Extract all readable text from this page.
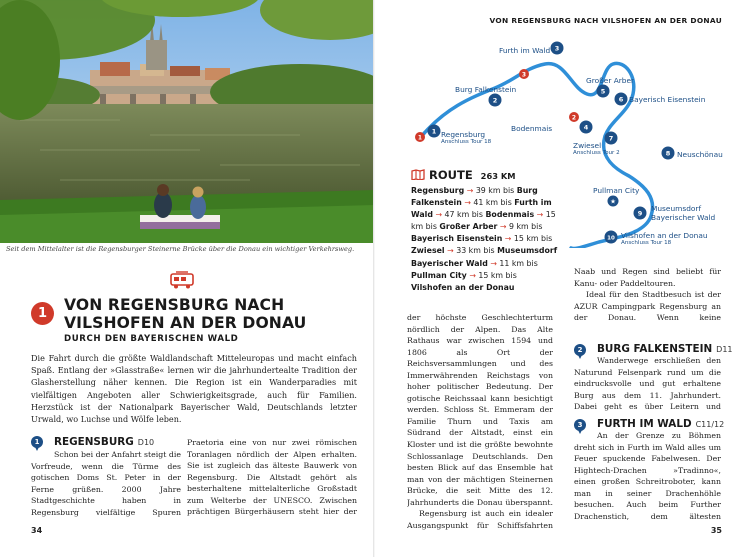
Seit dem Mittelalter ist die Regensburger Steinerne Brücke über die Donau ein wichtiger Verkehrsweg.
1	VON REGENSBURG NACH
VILSHOFEN AN DER DONAU
DURCH DEN BAYERISCHEN WALD
Die Fahrt durch die größte Waldlandschaft Mitteleuropas und macht einfach Spaß. Entlang der »Glasstraße« lernen wir die jahrhundertealte Tradition der Glasherstellung näher kennen. Die Region ist ein Wanderparadies mit vielfältigen Angeboten aller Schwierigkeitsgrade, auch für Familien. Herzstück ist der Nationalpark Bayerischer Wald, Deutschlands letzter Urwald, wo Luchse und Wölfe leben.
1	REGENSBURG D10
Schon bei der Anfahrt steigt die Vorfreude, wenn die Türme des gotischen Doms St. Peter in der Ferne grüßen. 2000 Jahre Stadtgeschichte haben in Regensburg vielfältige Spuren
Praetoria eine von nur zwei römischen Toranlagen nördlich der Alpen erhalten. Sie ist zugleich das älteste Bauwerk von Regensburg. Die Altstadt gehört als besterhaltene mittelalterliche Großstadt zum Welterbe der UNESCO. Zwischen prächtigen Bürgerhäusern steht hier der
34
VON REGENSBURG NACH VILSHOFEN AN DER DONAU
1
3
2
1
2
3
4
5
6
7
8
9
10
★
Regensburg
Anschluss Tour 18
Burg Falkenstein
Furth im Wald
Bodenmais
Großer Arber
Bayerisch Eisenstein
Zwiesel
Anschluss Tour 2	Neuschönau
Pullman City
Museumsdorf
Bayerischer Wald
Vilshofen an der Donau
Anschluss Tour 18
ROUTE 263 KM
Regensburg → 39 km bis Burg Falkenstein → 41 km bis Furth im Wald → 47 km bis Bodenmais → 15 km bis Großer Arber → 9 km bis Bayerisch Eisenstein → 15 km bis Zwiesel → 33 km bis Museumsdorf Bayerischer Wald → 11 km bis Pullman City → 15 km bis Vilshofen an der Donau
der höchste Geschlechterturm nördlich der Alpen. Das Alte Rathaus war zwischen 1594 und 1806 als Ort der Reichsversammlungen und des Immerwährenden Reichstags von hoher politischer Bedeutung. Der gotische Reichssaal kann besichtigt werden. Schloss St. Emmeram der Familie Thurn und Taxis am Südrand der Altstadt, einst ein Kloster und ist die größte bewohnte Schlossanlage Deutschlands. Den besten Blick auf das Ensemble hat man von der mächtigen Steinernen Brücke, die seit Mitte des 12. Jahrhunderts die Donau überspannt.
Regensburg ist auch ein idealer Ausgangspunkt für Schiffsfahrten
Naab und Regen sind beliebt für Kanu- oder Paddeltouren.
Ideal für den Stadtbesuch ist der AZUR Campingpark Regensburg an der Donau. Wenn keine
2	BURG FALKENSTEIN D11
Wanderwege erschließen den Naturund Felsenpark rund um die eindrucksvolle und gut erhaltene Burg aus dem 11. Jahrhundert. Dabei geht es über Leitern und
3	FURTH IM WALD C11/12
An der Grenze zu Böhmen dreht sich in Furth im Wald alles um Feuer spuckende Fabelwesen. Der Hightech-Drachen »Tradinno«, einen großen Schreitroboter, kann man in seiner Drachenhöhle besuchen. Auch beim Further Drachenstich, dem ältesten
35
